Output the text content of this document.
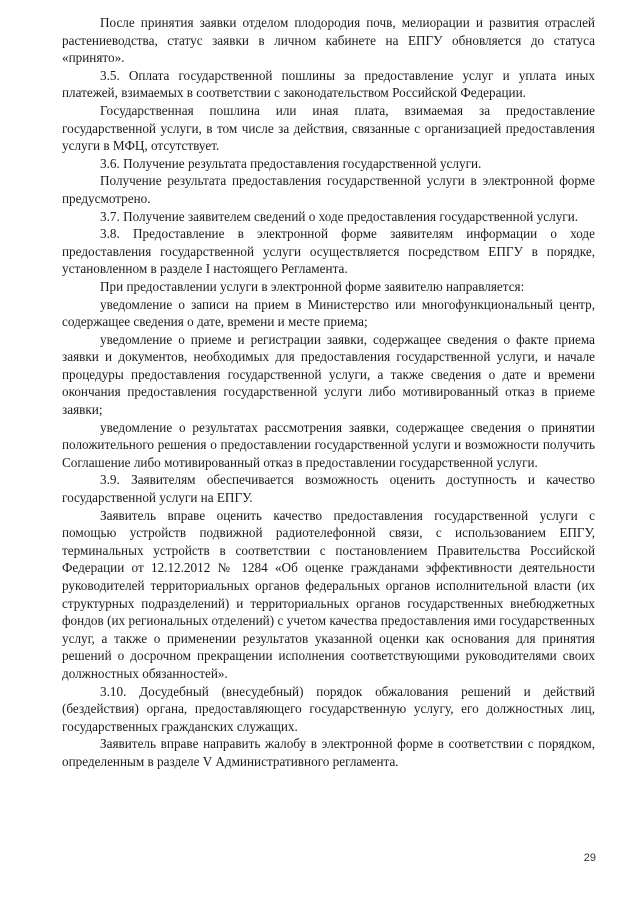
После принятия заявки отделом плодородия почв, мелиорации и развития отраслей растениеводства, статус заявки в личном кабинете на ЕПГУ обновляется до статуса «принято».

3.5. Оплата государственной пошлины за предоставление услуг и уплата иных платежей, взимаемых в соответствии с законодательством Российской Федерации.

Государственная пошлина или иная плата, взимаемая за предоставление государственной услуги, в том числе за действия, связанные с организацией предоставления услуги в МФЦ, отсутствует.

3.6. Получение результата предоставления государственной услуги.

Получение результата предоставления государственной услуги в электронной форме предусмотрено.

3.7. Получение заявителем сведений о ходе предоставления государственной услуги.

3.8. Предоставление в электронной форме заявителям информации о ходе предоставления государственной услуги осуществляется посредством ЕПГУ в порядке, установленном в разделе I настоящего Регламента.

При предоставлении услуги в электронной форме заявителю направляется:

уведомление о записи на прием в Министерство или многофункциональный центр, содержащее сведения о дате, времени и месте приема;

уведомление о приеме и регистрации заявки, содержащее сведения о факте приема заявки и документов, необходимых для предоставления государственной услуги, и начале процедуры предоставления государственной услуги, а также сведения о дате и времени окончания предоставления государственной услуги либо мотивированный отказ в приеме заявки;

уведомление о результатах рассмотрения заявки, содержащее сведения о принятии положительного решения о предоставлении государственной услуги и возможности получить Соглашение либо мотивированный отказ в предоставлении государственной услуги.

3.9. Заявителям обеспечивается возможность оценить доступность и качество государственной услуги на ЕПГУ.

Заявитель вправе оценить качество предоставления государственной услуги с помощью устройств подвижной радиотелефонной связи, с использованием ЕПГУ, терминальных устройств в соответствии с постановлением Правительства Российской Федерации от 12.12.2012 № 1284 «Об оценке гражданами эффективности деятельности руководителей территориальных органов федеральных органов исполнительной власти (их структурных подразделений) и территориальных органов государственных внебюджетных фондов (их региональных отделений) с учетом качества предоставления ими государственных услуг, а также о применении результатов указанной оценки как основания для принятия решений о досрочном прекращении исполнения соответствующими руководителями своих должностных обязанностей».

3.10. Досудебный (внесудебный) порядок обжалования решений и действий (бездействия) органа, предоставляющего государственную услугу, его должностных лиц, государственных гражданских служащих.

Заявитель вправе направить жалобу в электронной форме в соответствии с порядком, определенным в разделе V Административного регламента.

29
